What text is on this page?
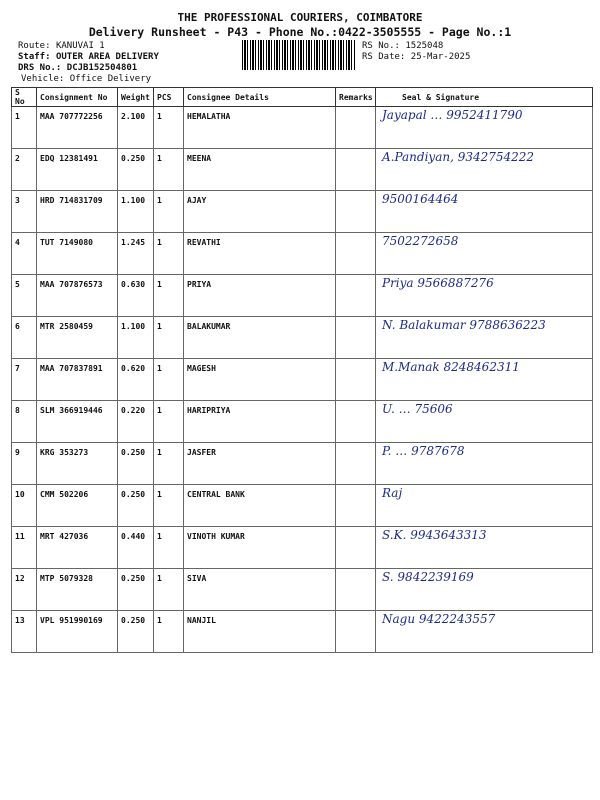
THE PROFESSIONAL COURIERS, COIMBATORE
Delivery Runsheet - P43 - Phone No.:0422-3505555 - Page No.:1
Route: KANUVAI 1
Staff: OUTER AREA DELIVERY
DRS No.: DCJB152504801
Vehicle: Office Delivery
RS No.: 1525048
RS Date: 25-Mar-2025
S No	Consignment No	Weight	PCS	Consignee Details	Remarks	Seal & Signature
1	MAA 707772256	2.100	1	HEMALATHA		Jayapal … 9952411790
2	EDQ 12381491	0.250	1	MEENA		A.Pandiyan, 9342754222
3	HRD 714831709	1.100	1	AJAY		9500164464
4	TUT 7149080	1.245	1	REVATHI		7502272658
5	MAA 707876573	0.630	1	PRIYA		Priya 9566887276
6	MTR 2580459	1.100	1	BALAKUMAR		N. Balakumar 9788636223
7	MAA 707837891	0.620	1	MAGESH		M.Manak 8248462311
8	SLM 366919446	0.220	1	HARIPRIYA		U. … 75606
9	KRG 353273	0.250	1	JASFER		P. … 9787678
10	CMM 502206	0.250	1	CENTRAL BANK		Raj
11	MRT 427036	0.440	1	VINOTH KUMAR		S.K. 9943643313
12	MTP 5079328	0.250	1	SIVA		S. 9842239169
13	VPL 951990169	0.250	1	NANJIL		Nagu 9422243557
